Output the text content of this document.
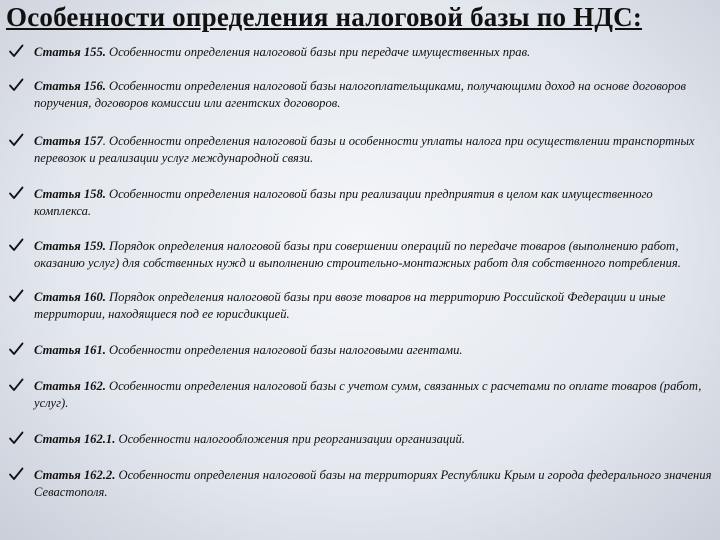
Особенности определения налоговой базы по НДС:
Статья 155. Особенности определения налоговой базы при передаче имущественных прав.
Статья 156. Особенности определения налоговой базы налогоплательщиками, получающими доход на основе договоров поручения, договоров комиссии или агентских договоров.
Статья 157. Особенности определения налоговой базы и особенности уплаты налога при осуществлении транспортных перевозок и реализации услуг международной связи.
Статья 158. Особенности определения налоговой базы при реализации предприятия в целом как имущественного комплекса.
Статья 159. Порядок определения налоговой базы при совершении операций по передаче товаров (выполнению работ, оказанию услуг) для собственных нужд и выполнению строительно-монтажных работ для собственного потребления.
Статья 160. Порядок определения налоговой базы при ввозе товаров на территорию Российской Федерации и иные территории, находящиеся под ее юрисдикцией.
Статья 161. Особенности определения налоговой базы налоговыми агентами.
Статья 162. Особенности определения налоговой базы с учетом сумм, связанных с расчетами по оплате товаров (работ, услуг).
Статья 162.1. Особенности налогообложения при реорганизации организаций.
Статья 162.2. Особенности определения налоговой базы на территориях Республики Крым и города федерального значения Севастополя.
